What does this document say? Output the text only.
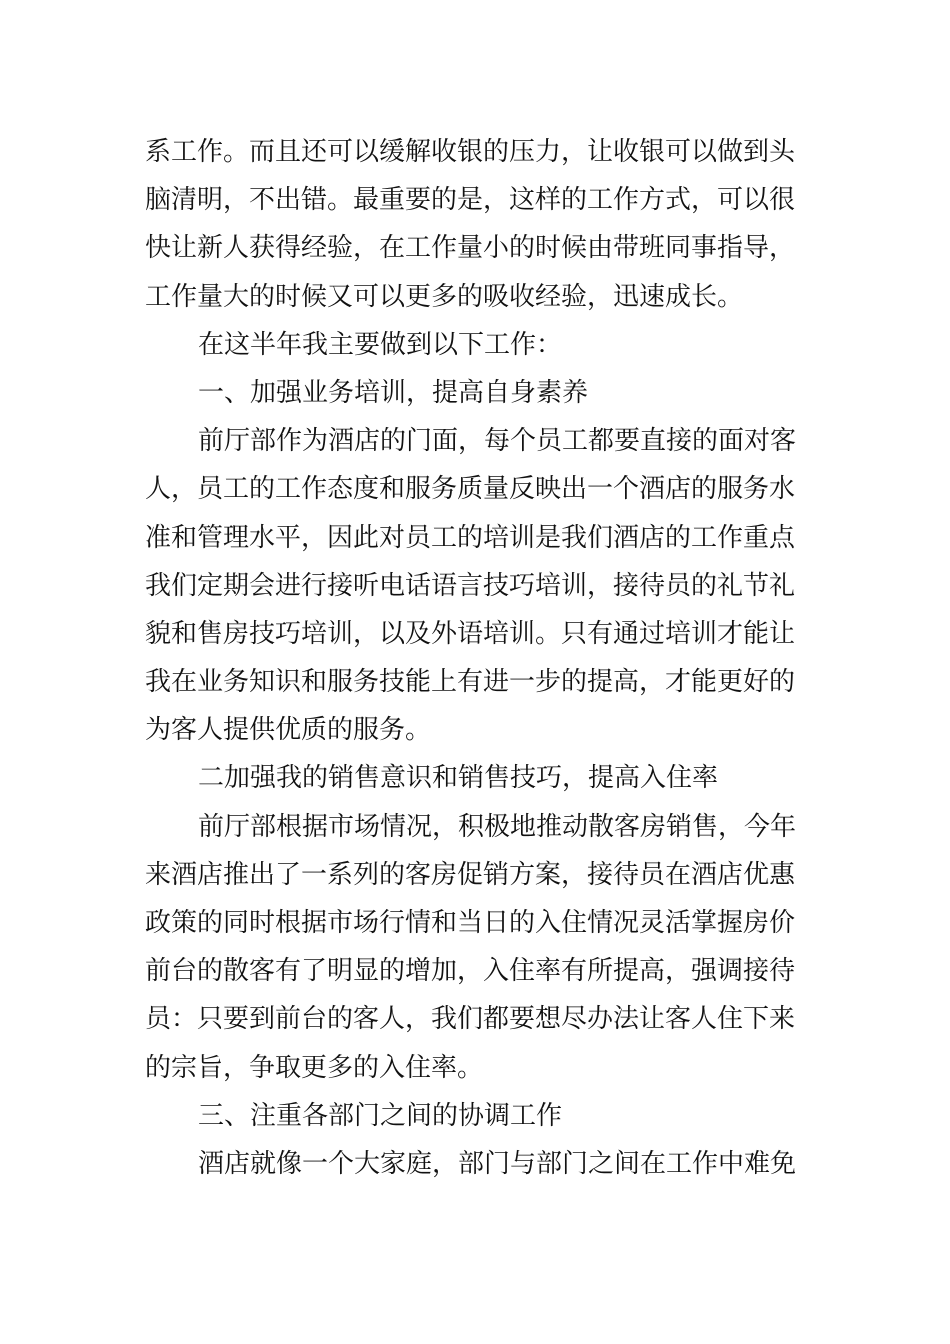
系工作。而且还可以缓解收银的压力，让收银可以做到头
脑清明，不出错。最重要的是，这样的工作方式，可以很
快让新人获得经验，在工作量小的时候由带班同事指导，
工作量大的时候又可以更多的吸收经验，迅速成长。
在这半年我主要做到以下工作：
一、加强业务培训，提高自身素养
前厅部作为酒店的门面，每个员工都要直接的面对客
人，员工的工作态度和服务质量反映出一个酒店的服务水
准和管理水平，因此对员工的培训是我们酒店的工作重点
我们定期会进行接听电话语言技巧培训，接待员的礼节礼
貌和售房技巧培训，以及外语培训。只有通过培训才能让
我在业务知识和服务技能上有进一步的提高，才能更好的
为客人提供优质的服务。
二加强我的销售意识和销售技巧，提高入住率
前厅部根据市场情况，积极地推动散客房销售，今年
来酒店推出了一系列的客房促销方案，接待员在酒店优惠
政策的同时根据市场行情和当日的入住情况灵活掌握房价
前台的散客有了明显的增加，入住率有所提高，强调接待
员：只要到前台的客人，我们都要想尽办法让客人住下来
的宗旨，争取更多的入住率。
三、注重各部门之间的协调工作
酒店就像一个大家庭，部门与部门之间在工作中难免
